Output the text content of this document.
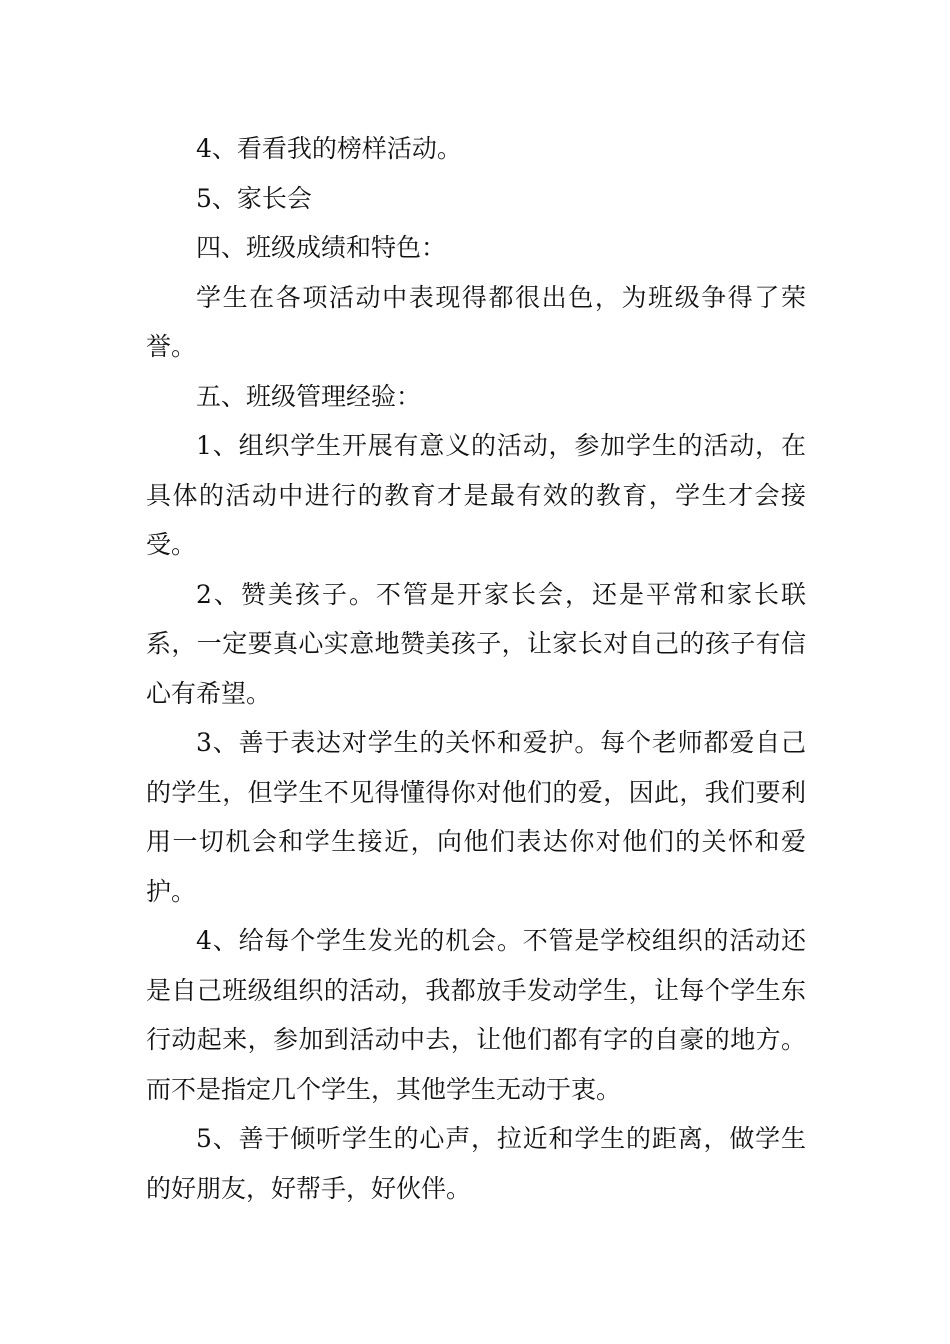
4、看看我的榜样活动。

5、家长会

四、班级成绩和特色：

学生在各项活动中表现得都很出色，为班级争得了荣誉。

五、班级管理经验：

1、组织学生开展有意义的活动，参加学生的活动，在具体的活动中进行的教育才是最有效的教育，学生才会接受。

2、赞美孩子。不管是开家长会，还是平常和家长联系，一定要真心实意地赞美孩子，让家长对自己的孩子有信心有希望。

3、善于表达对学生的关怀和爱护。每个老师都爱自己的学生，但学生不见得懂得你对他们的爱，因此，我们要利用一切机会和学生接近，向他们表达你对他们的关怀和爱护。

4、给每个学生发光的机会。不管是学校组织的活动还是自己班级组织的活动，我都放手发动学生，让每个学生东行动起来，参加到活动中去，让他们都有字的自豪的地方。而不是指定几个学生，其他学生无动于衷。

5、善于倾听学生的心声，拉近和学生的距离，做学生的好朋友，好帮手，好伙伴。
